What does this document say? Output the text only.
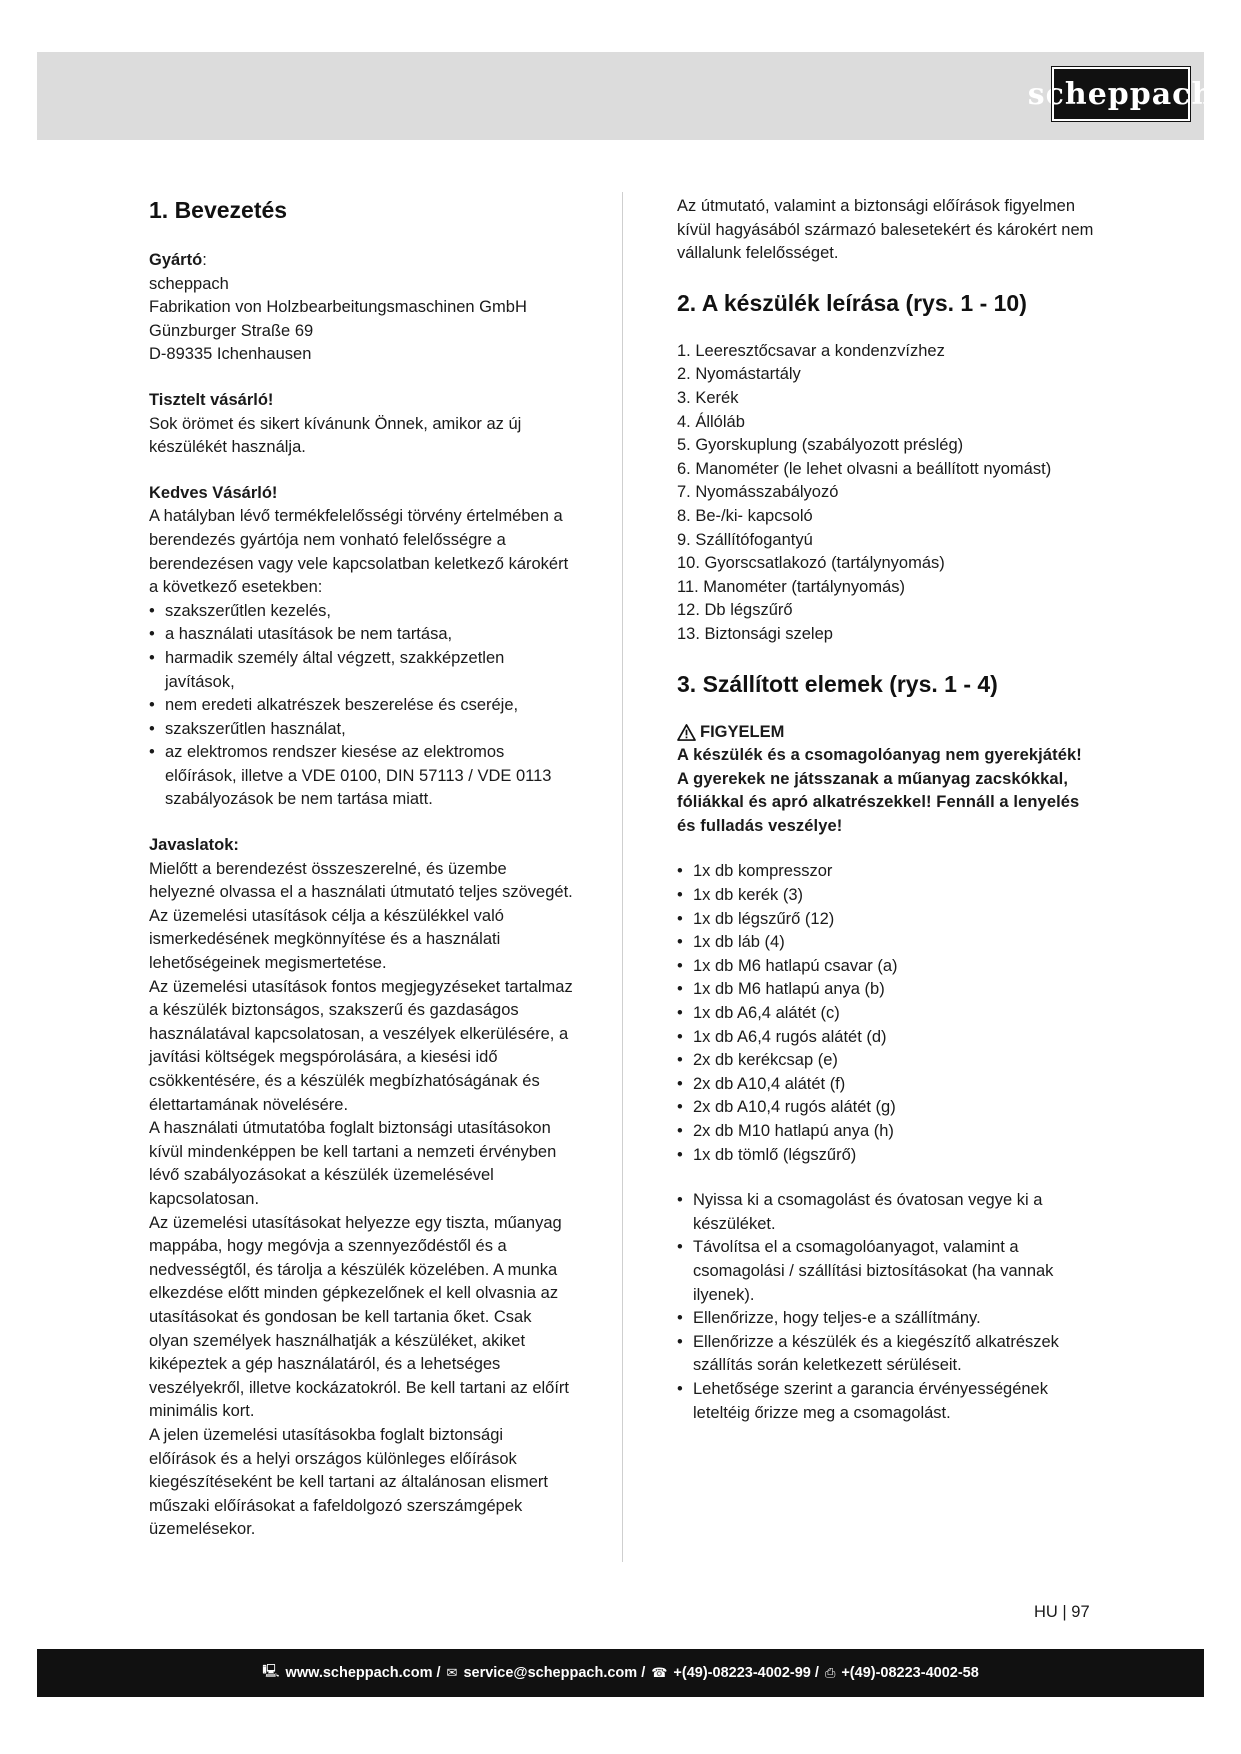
scheppach
1. Bevezetés
Gyártó:
scheppach
Fabrikation von Holzbearbeitungsmaschinen GmbH
Günzburger Straße 69
D-89335 Ichenhausen
Tisztelt vásárló!

Sok örömet és sikert kívánunk Önnek, amikor az új készülékét használja.

Kedves Vásárló!

A hatályban lévő termékfelelősségi törvény értelmében a berendezés gyártója nem vonható felelősségre a berendezésen vagy vele kapcsolatban keletkező károkért a következő esetekben:

• szakszerűtlen kezelés,
• a használati utasítások be nem tartása,
• harmadik személy által végzett, szakképzetlen javítások,
• nem eredeti alkatrészek beszerelése és cseréje,
• szakszerűtlen használat,
• az elektromos rendszer kiesése az elektromos előírások, illetve a VDE 0100, DIN 57113 / VDE 0113 szabályozások be nem tartása miatt.
Javaslatok:

Mielőtt a berendezést összeszerelné, és üzembe helyezné olvassa el a használati útmutató teljes szövegét.

Az üzemelési utasítások célja a készülékkel való ismerkedésének megkönnyítése és a használati lehetőségeinek megismertetése.

Az üzemelési utasítások fontos megjegyzéseket tartalmaz a készülék biztonságos, szakszerű és gazdaságos használatával kapcsolatosan, a veszélyek elkerülésére, a javítási költségek megspórolására, a kiesési idő csökkentésére, és a készülék megbízhatóságának és élettartamának növelésére.

A használati útmutatóba foglalt biztonsági utasításokon kívül mindenképpen be kell tartani a nemzeti érvényben lévő szabályozásokat a készülék üzemelésével kapcsolatosan.

Az üzemelési utasításokat helyezze egy tiszta, műanyag mappába, hogy megóvja a szennyeződéstől és a nedvességtől, és tárolja a készülék közelében. A munka elkezdése előtt minden gépkezelőnek el kell olvasnia az utasításokat és gondosan be kell tartania őket. Csak olyan személyek használhatják a készüléket, akiket kiképeztek a gép használatáról, és a lehetséges veszélyekről, illetve kockázatokról. Be kell tartani az előírt minimális kort.

A jelen üzemelési utasításokba foglalt biztonsági előírások és a helyi országos különleges előírások kiegészítéseként be kell tartani az általánosan elismert műszaki előírásokat a fafeldolgozó szerszámgépek üzemelésekor.

Az útmutató, valamint a biztonsági előírások figyelmen kívül hagyásából származó balesetekért és károkért nem vállalunk felelősséget.

2. A készülék leírása (rys. 1 - 10)
1. Leeresztőcsavar a kondenzvízhez
2. Nyomástartály
3. Kerék
4. Állóláb
5. Gyorskuplung (szabályozott préslég)
6. Manométer (le lehet olvasni a beállított nyomást)
7. Nyomásszabályozó
8. Be-/ki- kapcsoló
9. Szállítófogantyú
10. Gyorscsatlakozó (tartálynyomás)
11. Manométer (tartálynyomás)
12. Db légszűrő
13. Biztonsági szelep
3. Szállított elemek (rys. 1 - 4)
FIGYELEM

A készülék és a csomagolóanyag nem gyerekjáték! A gyerekek ne játsszanak a műanyag zacskókkal, fóliákkal és apró alkatrészekkel! Fennáll a lenyelés és fulladás veszélye!

• 1x db kompresszor
• 1x db kerék (3)
• 1x db légszűrő (12)
• 1x db láb (4)
• 1x db M6 hatlapú csavar (a)
• 1x db M6 hatlapú anya (b)
• 1x db A6,4 alátét (c)
• 1x db A6,4 rugós alátét (d)
• 2x db kerékcsap (e)
• 2x db A10,4 alátét (f)
• 2x db A10,4 rugós alátét (g)
• 2x db M10 hatlapú anya (h)
• 1x db tömlő (légszűrő)
• Nyissa ki a csomagolást és óvatosan vegye ki a készüléket.
• Távolítsa el a csomagolóanyagot, valamint a csomagolási / szállítási biztosításokat (ha vannak ilyenek).
• Ellenőrizze, hogy teljes-e a szállítmány.
• Ellenőrizze a készülék és a kiegészítő alkatrészek szállítás során keletkezett sérüléseit.
• Lehetősége szerint a garancia érvényességének leteltéig őrizze meg a csomagolást.
HU | 97
🖳 www.scheppach.com / ✉ service@scheppach.com / ☎ +(49)-08223-4002-99 / ⎙ +(49)-08223-4002-58
